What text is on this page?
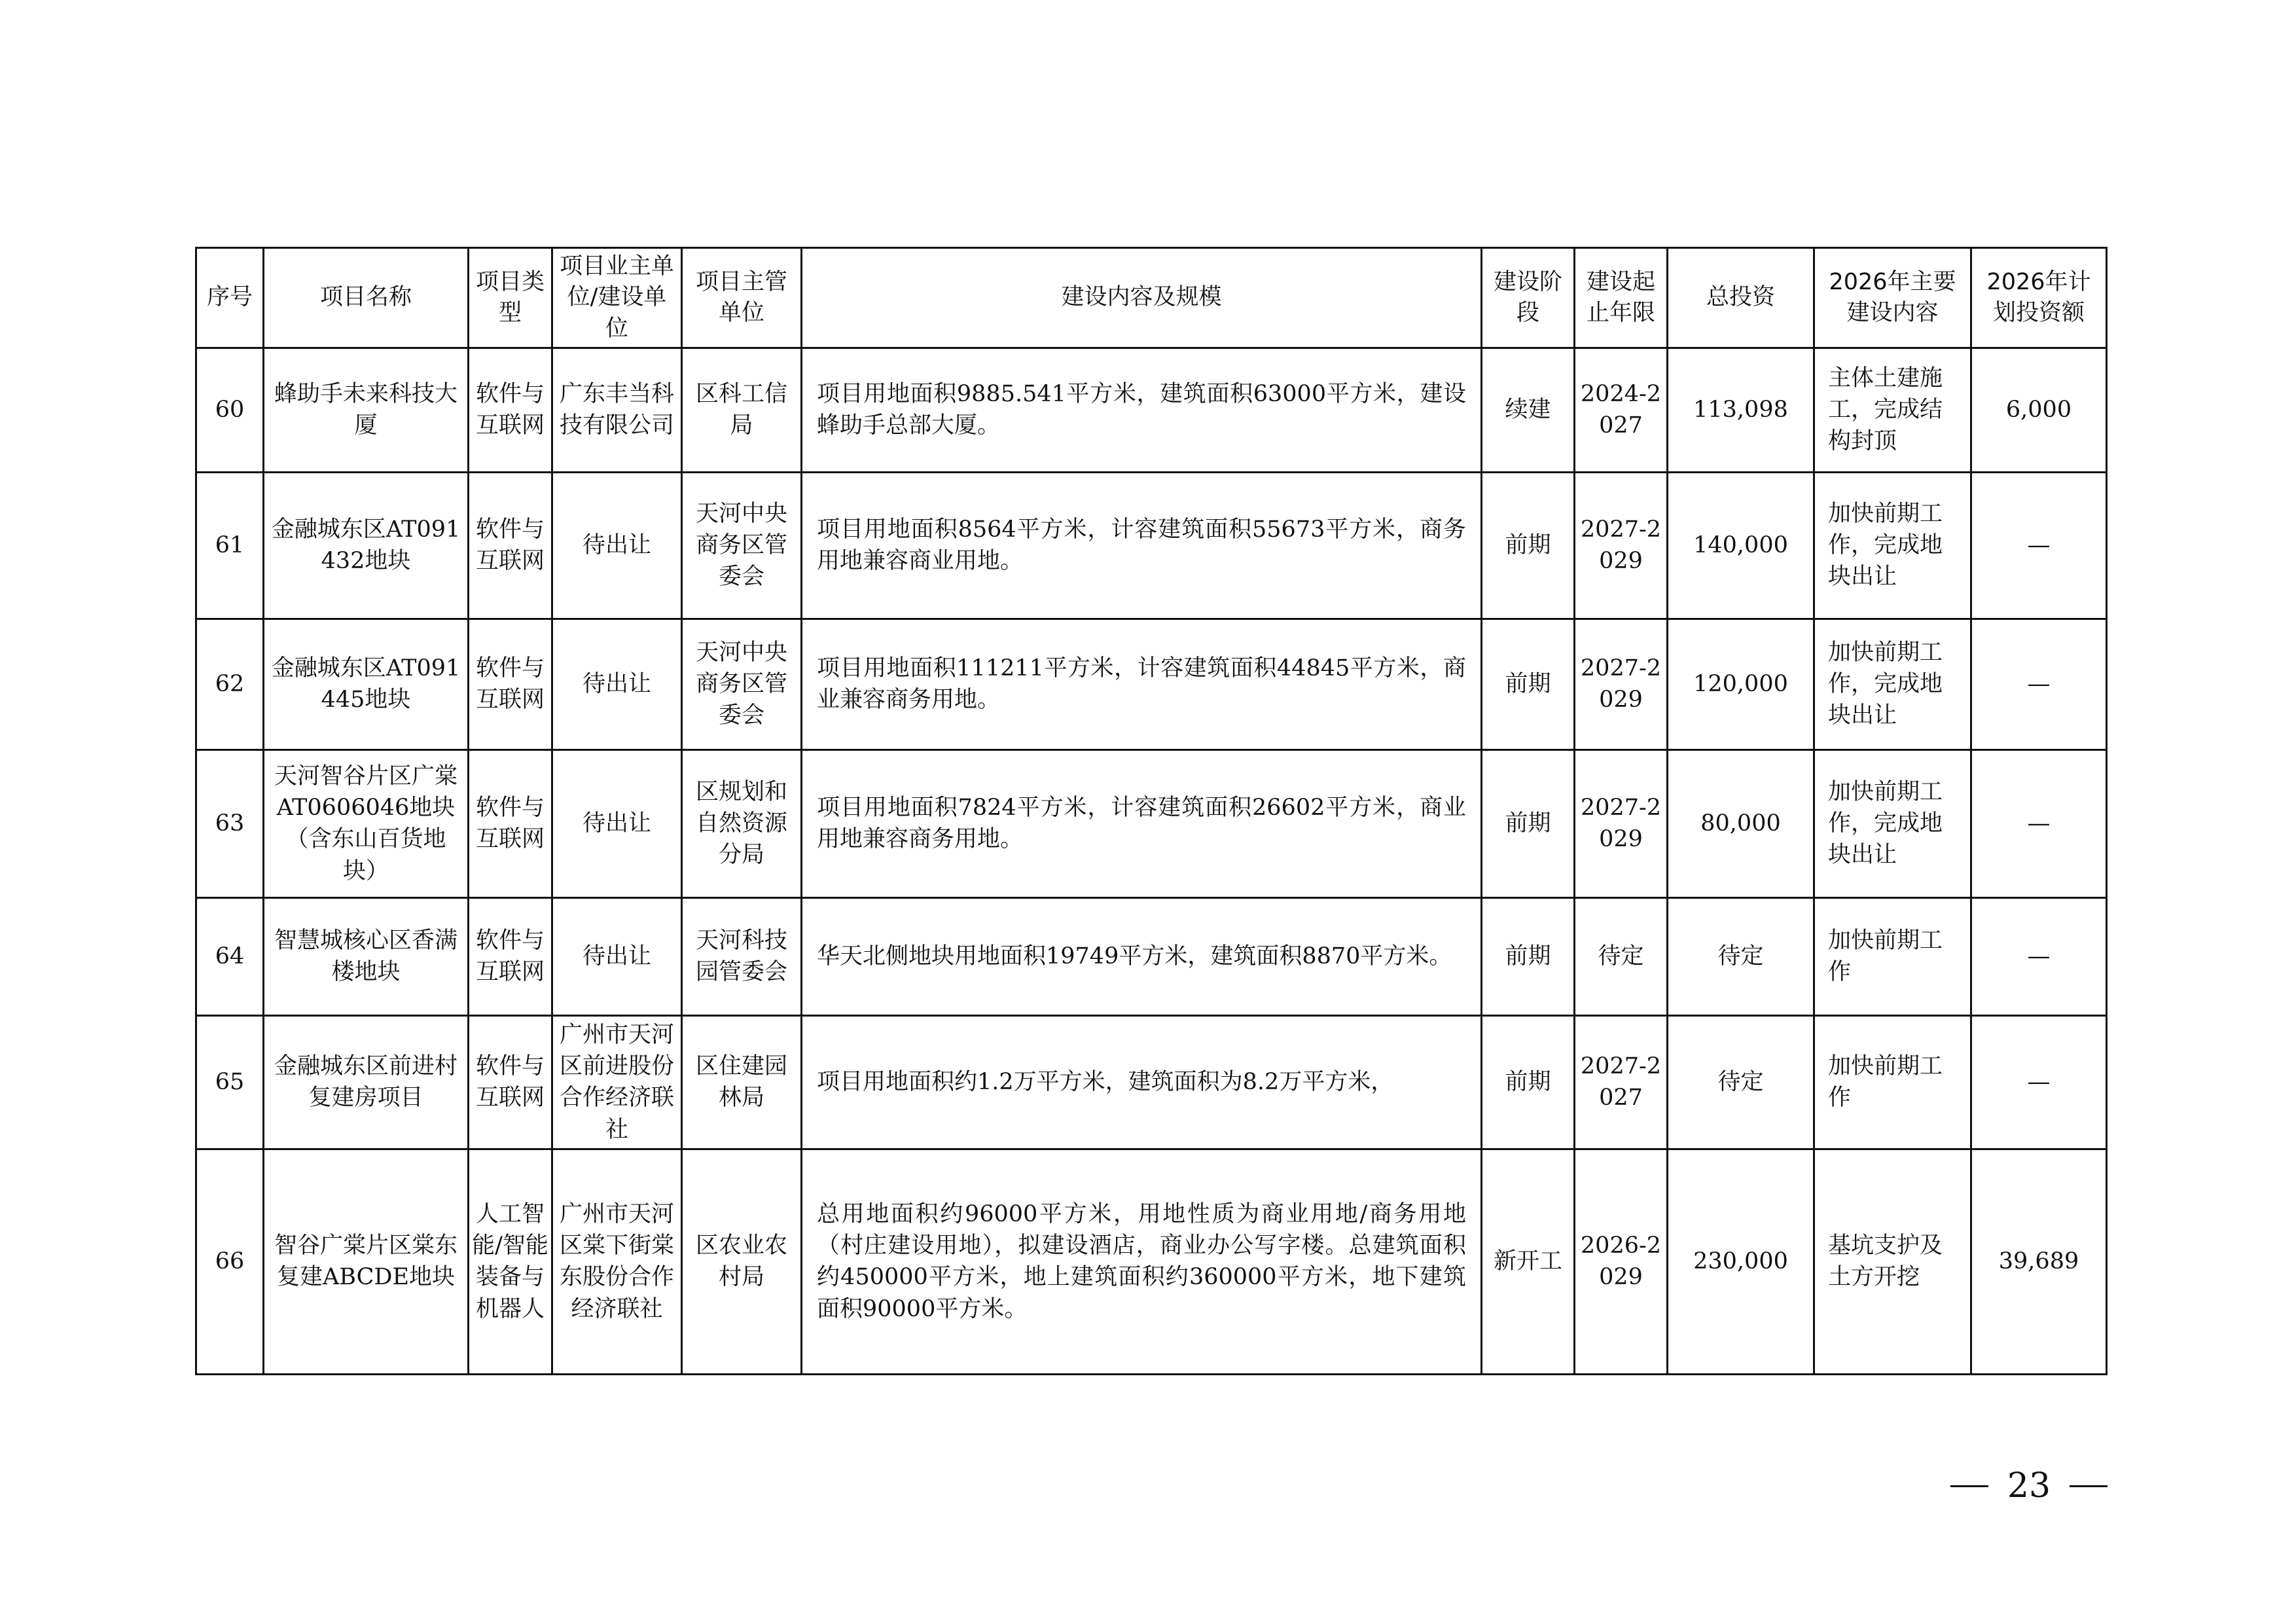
序号	项目名称	项目类型	项目业主单位/建设单位	项目主管单位	建设内容及规模	建设阶段	建设起止年限	总投资	2026年主要建设内容	2026年计划投资额
60	蜂助手未来科技大厦	软件与互联网	广东丰当科技有限公司	区科工信局	项目用地面积9885.541平方米，建筑面积63000平方米，建设蜂助手总部大厦。	续建	2024-2027	113,098	主体土建施工，完成结构封顶	6,000
61	金融城东区AT091432地块	软件与互联网	待出让	天河中央商务区管委会	项目用地面积8564平方米，计容建筑面积55673平方米，商务用地兼容商业用地。	前期	2027-2029	140,000	加快前期工作，完成地块出让	—
62	金融城东区AT091445地块	软件与互联网	待出让	天河中央商务区管委会	项目用地面积111211平方米，计容建筑面积44845平方米，商业兼容商务用地。	前期	2027-2029	120,000	加快前期工作，完成地块出让	—
63	天河智谷片区广棠AT0606046地块（含东山百货地块）	软件与互联网	待出让	区规划和自然资源分局	项目用地面积7824平方米，计容建筑面积26602平方米，商业用地兼容商务用地。	前期	2027-2029	80,000	加快前期工作，完成地块出让	—
64	智慧城核心区香满楼地块	软件与互联网	待出让	天河科技园管委会	华天北侧地块用地面积19749平方米，建筑面积8870平方米。	前期	待定	待定	加快前期工作	—
65	金融城东区前进村复建房项目	软件与互联网	广州市天河区前进股份合作经济联社	区住建园林局	项目用地面积约1.2万平方米，建筑面积为8.2万平方米，	前期	2027-2027	待定	加快前期工作	—
66	智谷广棠片区棠东复建ABCDE地块	人工智能/智能装备与机器人	广州市天河区棠下街棠东股份合作经济联社	区农业农村局	总用地面积约96000平方米，用地性质为商业用地/商务用地（村庄建设用地），拟建设酒店，商业办公写字楼。总建筑面积约450000平方米，地上建筑面积约360000平方米，地下建筑面积90000平方米。	新开工	2026-2029	230,000	基坑支护及土方开挖	39,689
23
